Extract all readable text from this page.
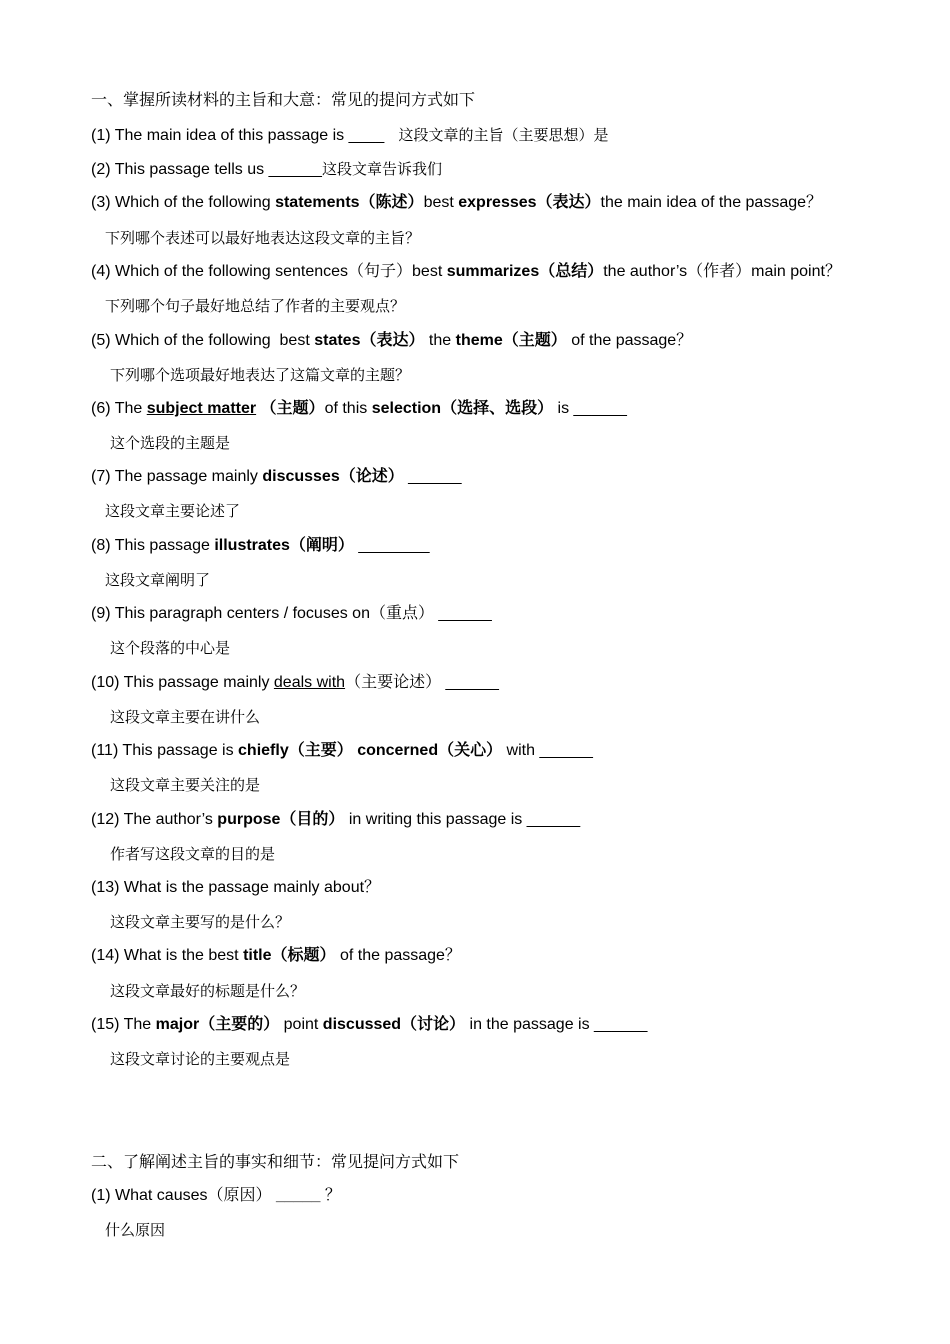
一、掌握所读材料的主旨和大意：常见的提问方式如下
(1) The main idea of this passage is ____   这段文章的主旨（主要思想）是
(2) This passage tells us ______这段文章告诉我们
(3) Which of the following statements（陈述）best expresses（表达）the main idea of the passage？
下列哪个表述可以最好地表达这段文章的主旨？
(4) Which of the following sentences（句子）best summarizes（总结）the author’s（作者）main point？
下列哪个句子最好地总结了作者的主要观点？
(5) Which of the following  best states（表达） the theme（主题） of the passage？
下列哪个选项最好地表达了这篇文章的主题？
(6) The subject matter （主题）of this selection（选择、选段） is ______
这个选段的主题是
(7) The passage mainly discusses（论述） ______
这段文章主要论述了
(8) This passage illustrates（阐明） ________
这段文章阐明了
(9) This paragraph centers / focuses on（重点） ______
这个段落的中心是
(10) This passage mainly deals with（主要论述） ______
这段文章主要在讲什么
(11) This passage is chiefly（主要） concerned（关心） with ______
这段文章主要关注的是
(12) The author’s purpose（目的） in writing this passage is ______
作者写这段文章的目的是
(13) What is the passage mainly about？
这段文章主要写的是什么？
(14) What is the best title（标题） of the passage？
这段文章最好的标题是什么？
(15) The major（主要的） point discussed（讨论） in the passage is ______
这段文章讨论的主要观点是
二、了解阐述主旨的事实和细节：常见提问方式如下
(1) What causes（原因） _____ ？
什么原因
